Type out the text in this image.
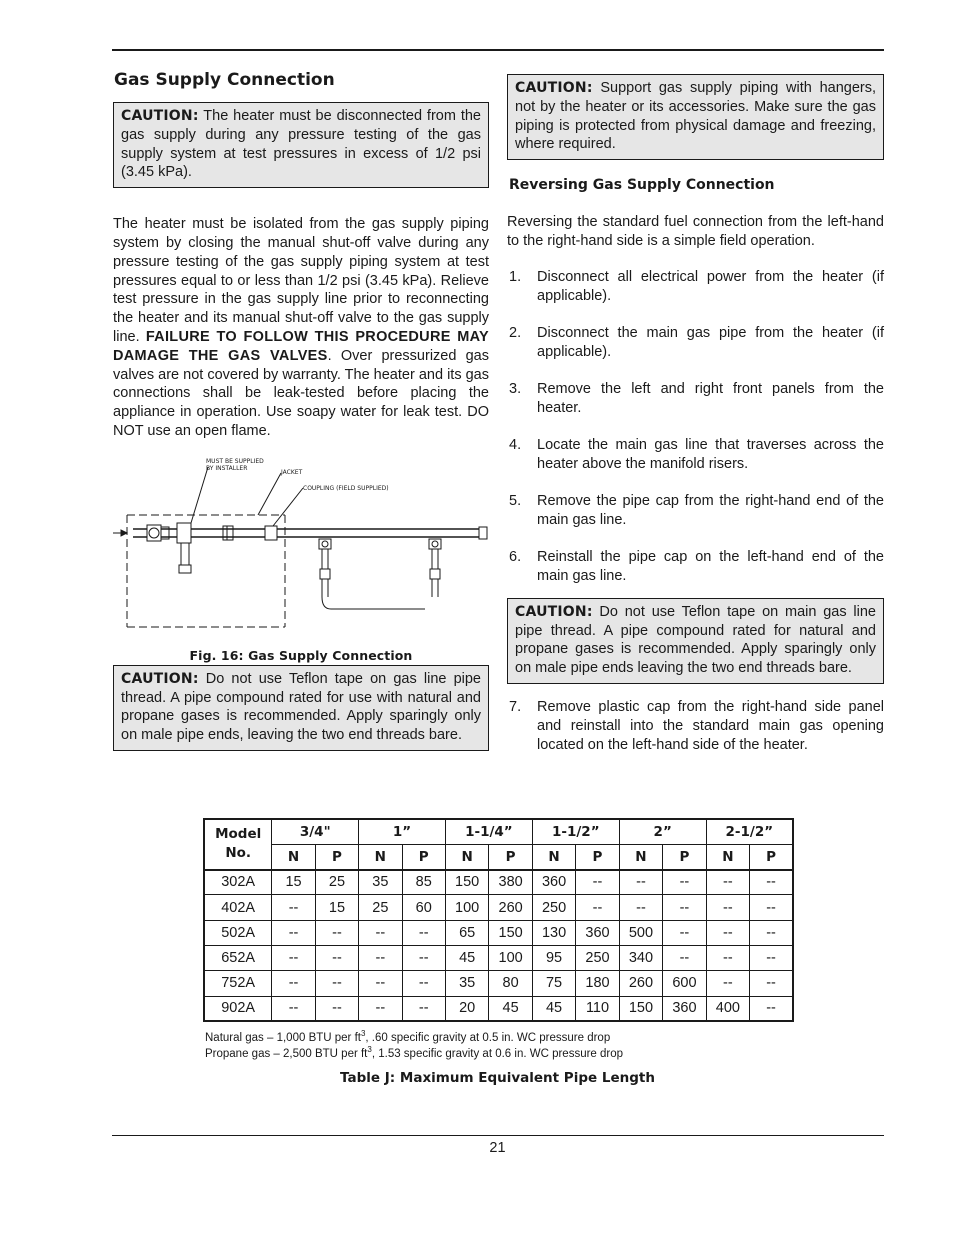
Gas Supply Connection
CAUTION: The heater must be disconnected from the gas supply during any pressure testing of the gas supply system at test pressures in excess of 1/2 psi (3.45 kPa).

The heater must be isolated from the gas supply piping system by closing the manual shut-off valve during any pressure testing of the gas supply piping system at test pressures equal to or less than 1/2 psi (3.45 kPa). Relieve test pressure in the gas supply line prior to reconnecting the heater and its manual shut-off valve to the gas supply line. FAILURE TO FOLLOW THIS PROCEDURE MAY DAMAGE THE GAS VALVES. Over pressurized gas valves are not covered by warranty. The heater and its gas connections shall be leak-tested before placing the appliance in operation. Use soapy water for leak test. DO NOT use an open flame.

MUST BE SUPPLIED
BY INSTALLER
JACKET
COUPLING (FIELD SUPPLIED)
Fig. 16: Gas Supply Connection
CAUTION: Do not use Teflon tape on gas line pipe thread. A pipe compound rated for use with natural and propane gases is recommended. Apply sparingly only on male pipe ends, leaving the two end threads bare.
CAUTION: Support gas supply piping with hangers, not by the heater or its accessories. Make sure the gas piping is protected from physical damage and freezing, where required.
Reversing Gas Supply Connection

Reversing the standard fuel connection from the left-hand to the right-hand side is a simple field operation.

1.	Disconnect all electrical power from the heater (if applicable).
2.	Disconnect the main gas pipe from the heater (if applicable).
3.	Remove the left and right front panels from the heater.
4.	Locate the main gas line that traverses across the heater above the manifold risers.
5.	Remove the pipe cap from the right-hand end of the main gas line.
6.	Reinstall the pipe cap on the left-hand end of the main gas line.
CAUTION: Do not use Teflon tape on main gas line pipe thread. A pipe compound rated for natural and propane gases is recommended. Apply sparingly only on male pipe ends leaving the two end threads bare.
7.	Remove plastic cap from the right-hand side panel and reinstall into the standard main gas opening located on the left-hand side of the heater.
Model
No.	3/4"		1”		1-1/4”		1-1/2”		2”		2-1/2”	
	N	P	N	P	N	P	N	P	N	P	N	P
302A	15	25	35	85	150	380	360	--	--	--	--	--
402A	--	15	25	60	100	260	250	--	--	--	--	--
502A	--	--	--	--	65	150	130	360	500	--	--	--
652A	--	--	--	--	45	100	95	250	340	--	--	--
752A	--	--	--	--	35	80	75	180	260	600	--	--
902A	--	--	--	--	20	45	45	110	150	360	400	--
Natural gas – 1,000 BTU per $ft^3$, .60 specific gravity at 0.5 in. WC pressure drop
Propane gas – 2,500 BTU per $ft^3$, 1.53 specific gravity at 0.6 in. WC pressure drop
Table J: Maximum Equivalent Pipe Length
21
